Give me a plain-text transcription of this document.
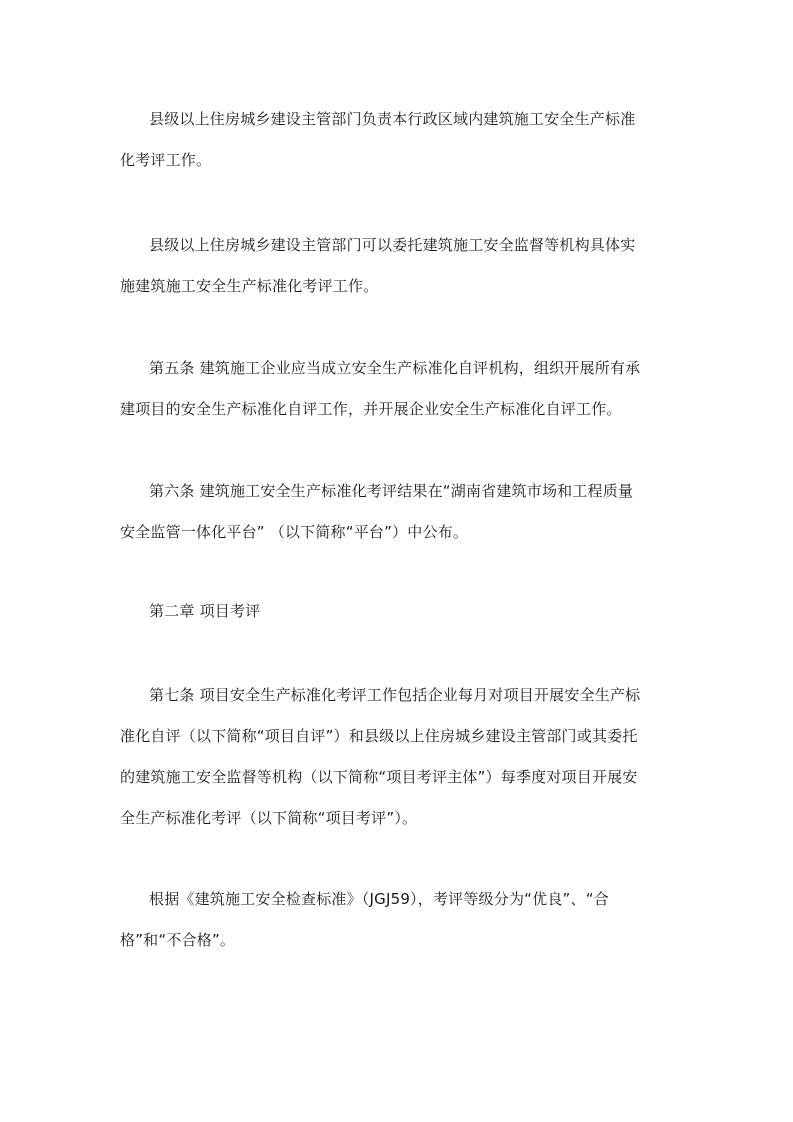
县级以上住房城乡建设主管部门负责本行政区域内建筑施工安全生产标准
化考评工作。

县级以上住房城乡建设主管部门可以委托建筑施工安全监督等机构具体实
施建筑施工安全生产标准化考评工作。

第五条 建筑施工企业应当成立安全生产标准化自评机构，组织开展所有承
建项目的安全生产标准化自评工作，并开展企业安全生产标准化自评工作。

第六条 建筑施工安全生产标准化考评结果在“湖南省建筑市场和工程质量
安全监管一体化平台” （以下简称“平台”）中公布。

第二章 项目考评

第七条 项目安全生产标准化考评工作包括企业每月对项目开展安全生产标
准化自评（以下简称“项目自评”）和县级以上住房城乡建设主管部门或其委托
的建筑施工安全监督等机构（以下简称“项目考评主体”）每季度对项目开展安
全生产标准化考评（以下简称“项目考评”）。

根据《建筑施工安全检查标准》（JGJ59），考评等级分为“优良”、“合
格”和“不合格”。
